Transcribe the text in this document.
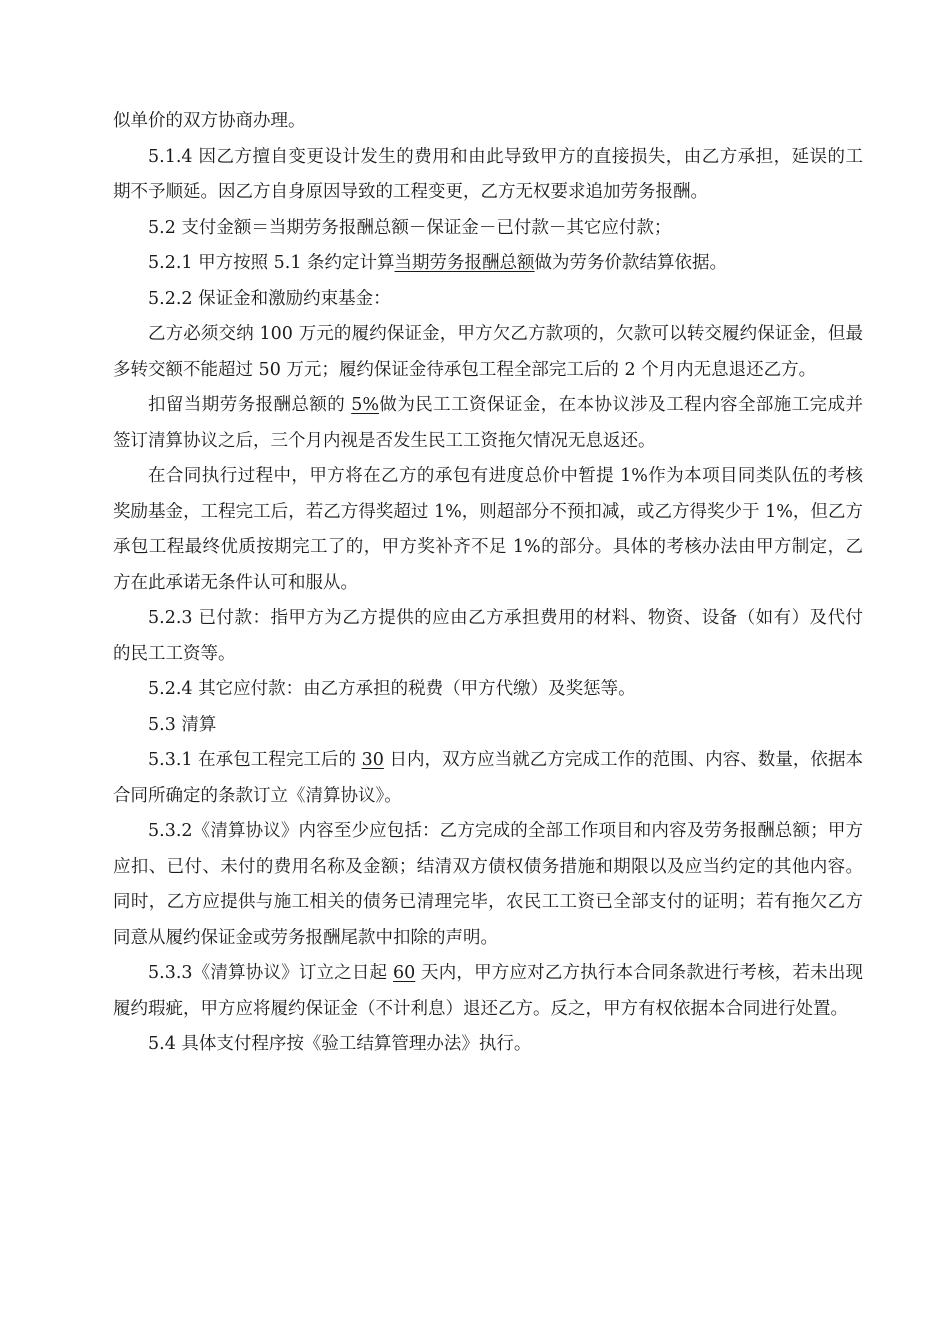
似单价的双方协商办理。

5.1.4 因乙方擅自变更设计发生的费用和由此导致甲方的直接损失，由乙方承担，延误的工期不予顺延。因乙方自身原因导致的工程变更，乙方无权要求追加劳务报酬。

5.2 支付金额＝当期劳务报酬总额－保证金－已付款－其它应付款；

5.2.1 甲方按照 5.1 条约定计算当期劳务报酬总额做为劳务价款结算依据。

5.2.2 保证金和激励约束基金：

乙方必须交纳 100 万元的履约保证金，甲方欠乙方款项的，欠款可以转交履约保证金，但最多转交额不能超过 50 万元；履约保证金待承包工程全部完工后的 2 个月内无息退还乙方。

扣留当期劳务报酬总额的 5%做为民工工资保证金，在本协议涉及工程内容全部施工完成并签订清算协议之后，三个月内视是否发生民工工资拖欠情况无息返还。

在合同执行过程中，甲方将在乙方的承包有进度总价中暂提 1%作为本项目同类队伍的考核奖励基金，工程完工后，若乙方得奖超过 1%，则超部分不预扣减，或乙方得奖少于 1%，但乙方承包工程最终优质按期完工了的，甲方奖补齐不足 1%的部分。具体的考核办法由甲方制定，乙方在此承诺无条件认可和服从。

5.2.3 已付款：指甲方为乙方提供的应由乙方承担费用的材料、物资、设备（如有）及代付的民工工资等。

5.2.4 其它应付款：由乙方承担的税费（甲方代缴）及奖惩等。

5.3 清算

5.3.1 在承包工程完工后的 30 日内，双方应当就乙方完成工作的范围、内容、数量，依据本合同所确定的条款订立《清算协议》。

5.3.2《清算协议》内容至少应包括：乙方完成的全部工作项目和内容及劳务报酬总额；甲方应扣、已付、未付的费用名称及金额；结清双方债权债务措施和期限以及应当约定的其他内容。同时，乙方应提供与施工相关的债务已清理完毕，农民工工资已全部支付的证明；若有拖欠乙方同意从履约保证金或劳务报酬尾款中扣除的声明。

5.3.3《清算协议》订立之日起 60 天内，甲方应对乙方执行本合同条款进行考核，若未出现履约瑕疵，甲方应将履约保证金（不计利息）退还乙方。反之，甲方有权依据本合同进行处置。

5.4 具体支付程序按《验工结算管理办法》执行。
